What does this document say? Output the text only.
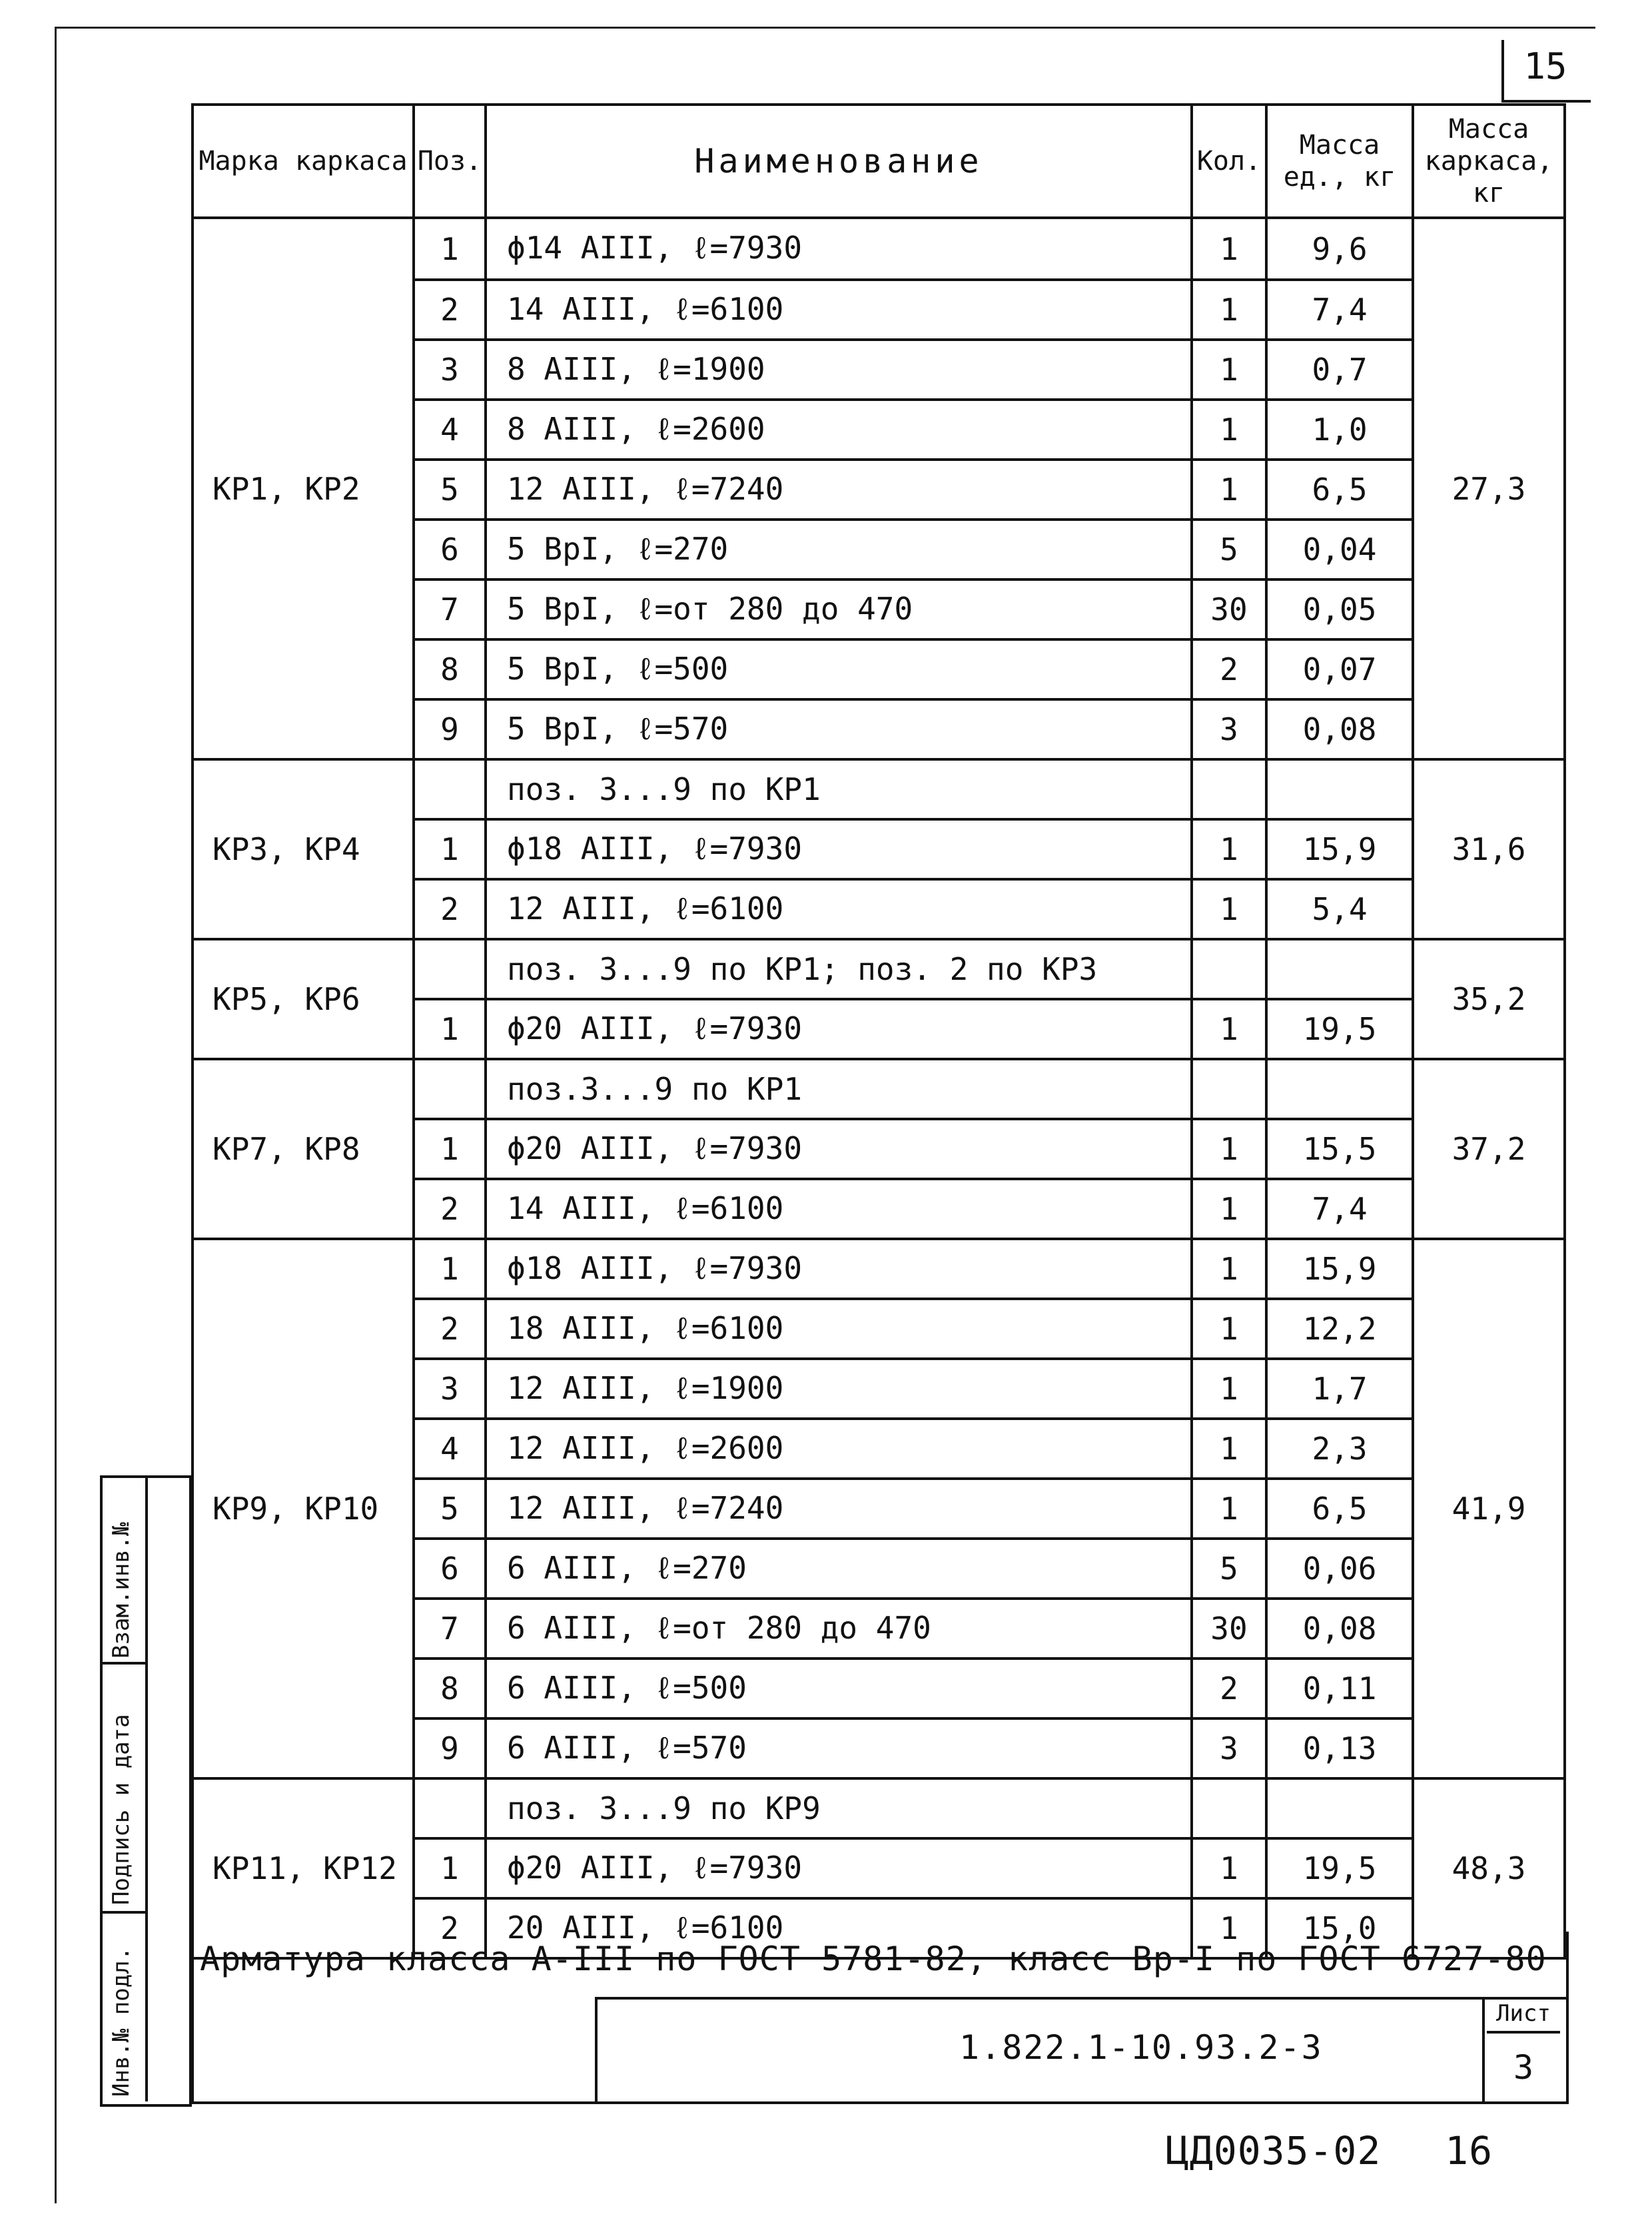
15
Марка каркаса	Поз.	Наименование	Кол.	Масса ед., кг	Масса каркаса, кг
КР1, КР2	1	ϕ14 АIII, ℓ=7930	1	9,6	27,3
	2	14 АIII, ℓ=6100	1	7,4	
	3	8 АIII, ℓ=1900	1	0,7	
	4	8 АIII, ℓ=2600	1	1,0	
	5	12 АIII, ℓ=7240	1	6,5	
	6	5 ВрI, ℓ=270	5	0,04	
	7	5 ВрI, ℓ=от 280 до 470	30	0,05	
	8	5 ВрI, ℓ=500	2	0,07	
	9	5 ВрI, ℓ=570	3	0,08	
КР3, КР4		поз. 3...9 по КР1			31,6
	1	ϕ18 АIII, ℓ=7930	1	15,9	
	2	12 АIII, ℓ=6100	1	5,4	
КР5, КР6		поз. 3...9 по КР1; поз. 2 по КР3			35,2
	1	ϕ20 АIII, ℓ=7930	1	19,5	
КР7, КР8		поз.3...9 по КР1			37,2
	1	ϕ20 АIII, ℓ=7930	1	15,5	
	2	14 АIII, ℓ=6100	1	7,4	
КР9, КР10	1	ϕ18 АIII, ℓ=7930	1	15,9	41,9
	2	18 АIII, ℓ=6100	1	12,2	
	3	12 АIII, ℓ=1900	1	1,7	
	4	12 АIII, ℓ=2600	1	2,3	
	5	12 АIII, ℓ=7240	1	6,5	
	6	6 АIII, ℓ=270	5	0,06	
	7	6 АIII, ℓ=от 280 до 470	30	0,08	
	8	6 АIII, ℓ=500	2	0,11	
	9	6 АIII, ℓ=570	3	0,13	
КР11, КР12		поз. 3...9 по КР9			48,3
	1	ϕ20 АIII, ℓ=7930	1	19,5	
	2	20 АIII, ℓ=6100	1	15,0	
Арматура класса А-III по ГОСТ 5781-82, класс Вр-I по ГОСТ 6727-80
1.822.1-10.93.2-3
Лист
3
Взам.инв.№
Подпись и дата
Инв.№ подл.
ЦД0035-02 16
